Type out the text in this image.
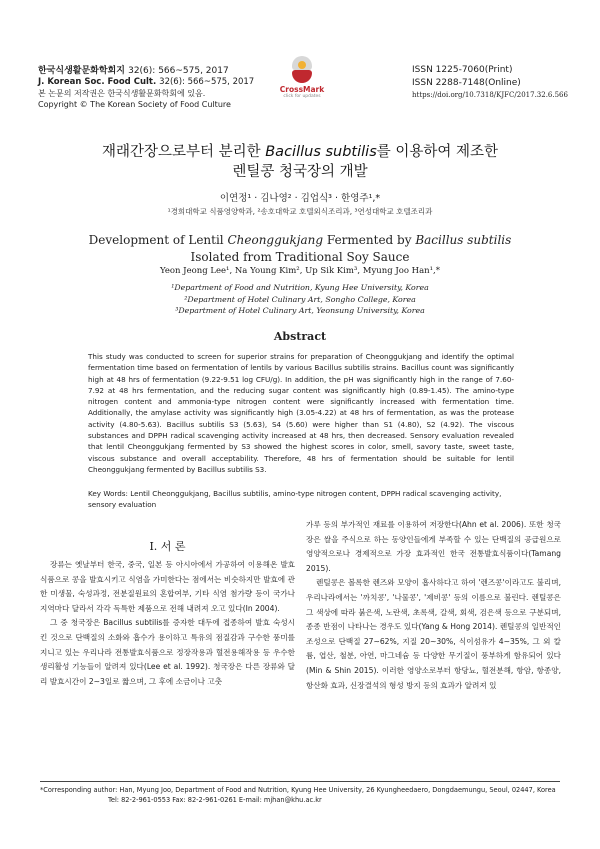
한국식생활문화학회지 32(6): 566~575, 2017
J. Korean Soc. Food Cult. 32(6): 566~575, 2017
본 논문의 저작권은 한국식생활문화학회에 있음.
Copyright © The Korean Society of Food Culture
CrossMark
click for updates
ISSN 1225-7060(Print)
ISSN 2288-7148(Online)
https://doi.org/10.7318/KJFC/2017.32.6.566
재래간장으로부터 분리한 Bacillus subtilis를 이용하여 제조한
렌틸콩 청국장의 개발
이연정¹ · 김나영² · 김업식³ · 한영주¹,*
¹경희대학교 식품영양학과, ²송호대학교 호텔외식조리과, ³연성대학교 호텔조리과
Development of Lentil Cheonggukjang Fermented by Bacillus subtilis
Isolated from Traditional Soy Sauce
Yeon Jeong Lee¹, Na Young Kim², Up Sik Kim³, Myung Joo Han¹,*
¹Department of Food and Nutrition, Kyung Hee University, Korea
²Department of Hotel Culinary Art, Songho College, Korea
³Department of Hotel Culinary Art, Yeonsung University, Korea
Abstract
This study was conducted to screen for superior strains for preparation of Cheonggukjang and identify the optimal fermentation time based on fermentation of lentils by various Bacillus subtilis strains. Bacillus count was significantly high at 48 hrs of fermentation (9.22-9.51 log CFU/g). In addition, the pH was significantly high in the range of 7.60-7.92 at 48 hrs fermentation, and the reducing sugar content was significantly high (0.89-1.45). The amino-type nitrogen content and ammonia-type nitrogen content were significantly increased with fermentation time. Additionally, the amylase activity was significantly high (3.05-4.22) at 48 hrs of fermentation, as was the protease activity (4.80-5.63). Bacillus subtilis S3 (5.63), S4 (5.60) were higher than S1 (4.80), S2 (4.92). The viscous substances and DPPH radical scavenging activity increased at 48 hrs, then decreased. Sensory evaluation revealed that lentil Cheonggukjang fermented by S3 showed the highest scores in color, smell, savory taste, sweet taste, viscous substance and overall acceptability. Therefore, 48 hrs of fermentation should be suitable for lentil Cheonggukjang fermented by Bacillus subtilis S3.
Key Words: Lentil Cheonggukjang, Bacillus subtilis, amino-type nitrogen content, DPPH radical scavenging activity, sensory evaluation
I. 서 론

장류는 옛날부터 한국, 중국, 일본 등 아시아에서 가공하여 이용해온 발효 식품으로 콩을 발효시키고 식염을 가미한다는 점에서는 비슷하지만 발효에 관한 미생물, 숙성과정, 전분질원료의 혼합여부, 기타 식염 첨가량 등이 국가나 지역마다 달라서 각각 독특한 제품으로 전해 내려져 오고 있다(In 2004).

그 중 청국장은 Bacillus subtilis를 증자한 대두에 접종하여 발효 숙성시킨 것으로 단백질의 소화와 흡수가 용이하고 특유의 점질감과 구수한 풍미를 지니고 있는 우리나라 전통발효식품으로 정장작용과 혈전용해작용 등 우수한 생리활성 기능들이 알려져 있다(Lee et al. 1992). 청국장은 다른 장류와 달리 발효시간이 2~3일로 짧으며, 그 후에 소금이나 고춧

가루 등의 부가적인 재료를 이용하여 저장한다(Ahn et al. 2006). 또한 청국장은 쌀을 주식으로 하는 동양인들에게 부족할 수 있는 단백질의 공급원으로 영양적으로나 경제적으로 가장 효과적인 한국 전통발효식품이다(Tamang 2015).

렌틸콩은 볼록한 렌즈와 모양이 흡사하다고 하여 '렌즈콩'이라고도 불리며, 우리나라에서는 '까치콩', '나물콩', '제비콩' 등의 이름으로 불린다. 렌틸콩은 그 색상에 따라 붉은색, 노란색, 초록색, 갈색, 회색, 검은색 등으로 구분되며, 종종 반점이 나타나는 경우도 있다(Yang & Hong 2014). 렌틸콩의 일반적인 조성으로 단백질 27~62%, 지질 20~30%, 식이섬유가 4~35%, 그 외 칼륨, 엽산, 철분, 아연, 마그네슘 등 다양한 무기질이 풍부하게 함유되어 있다(Min & Shin 2015). 이러한 영양소로부터 항당뇨, 혈전분해, 항암, 항종양, 항산화 효과, 신장결석의 형성 방지 등의 효과가 알려져 있

*Corresponding author: Han, Myung Joo, Department of Food and Nutrition, Kyung Hee University, 26 Kyungheedaero, Dongdaemungu, Seoul, 02447, Korea
Tel: 82-2-961-0553 Fax: 82-2-961-0261 E-mail: mjhan@khu.ac.kr
